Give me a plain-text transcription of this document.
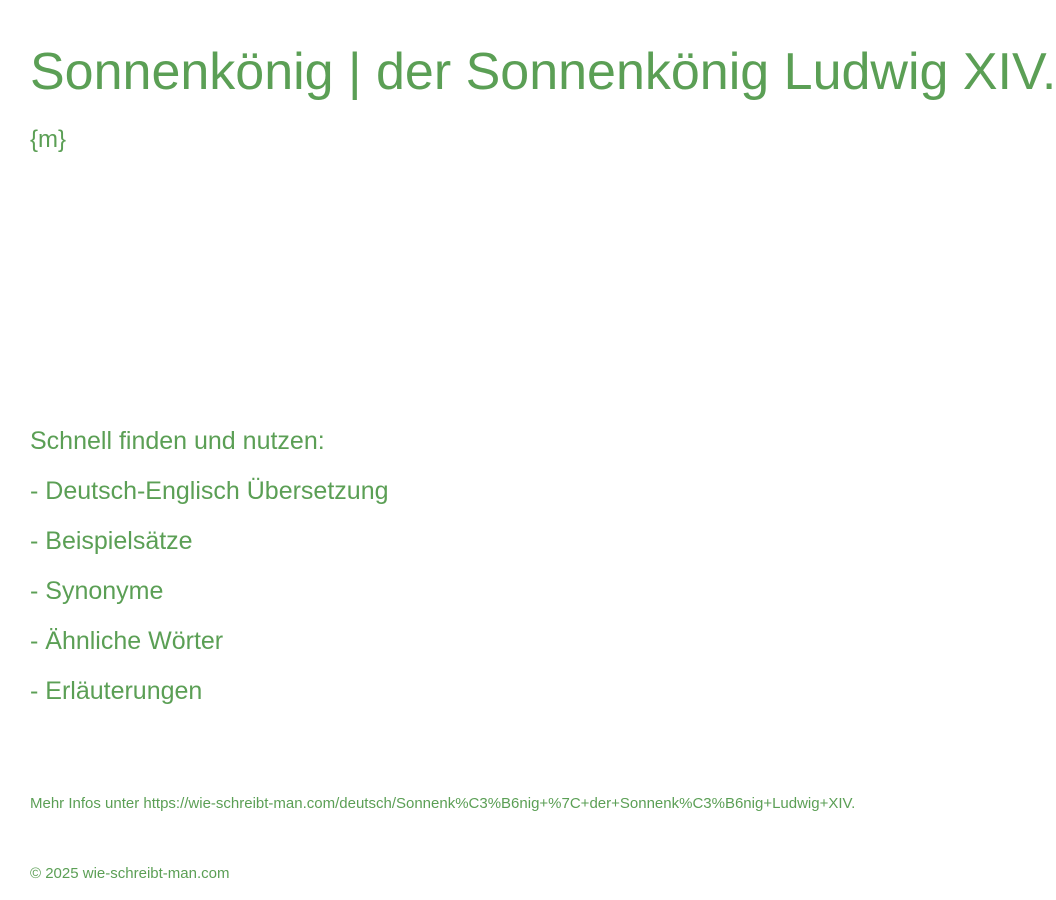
Sonnenkönig | der Sonnenkönig Ludwig XIV.
{m}
Schnell finden und nutzen:
- Deutsch-Englisch Übersetzung
- Beispielsätze
- Synonyme
- Ähnliche Wörter
- Erläuterungen
Mehr Infos unter https://wie-schreibt-man.com/deutsch/Sonnenk%C3%B6nig+%7C+der+Sonnenk%C3%B6nig+Ludwig+XIV.
© 2025 wie-schreibt-man.com
